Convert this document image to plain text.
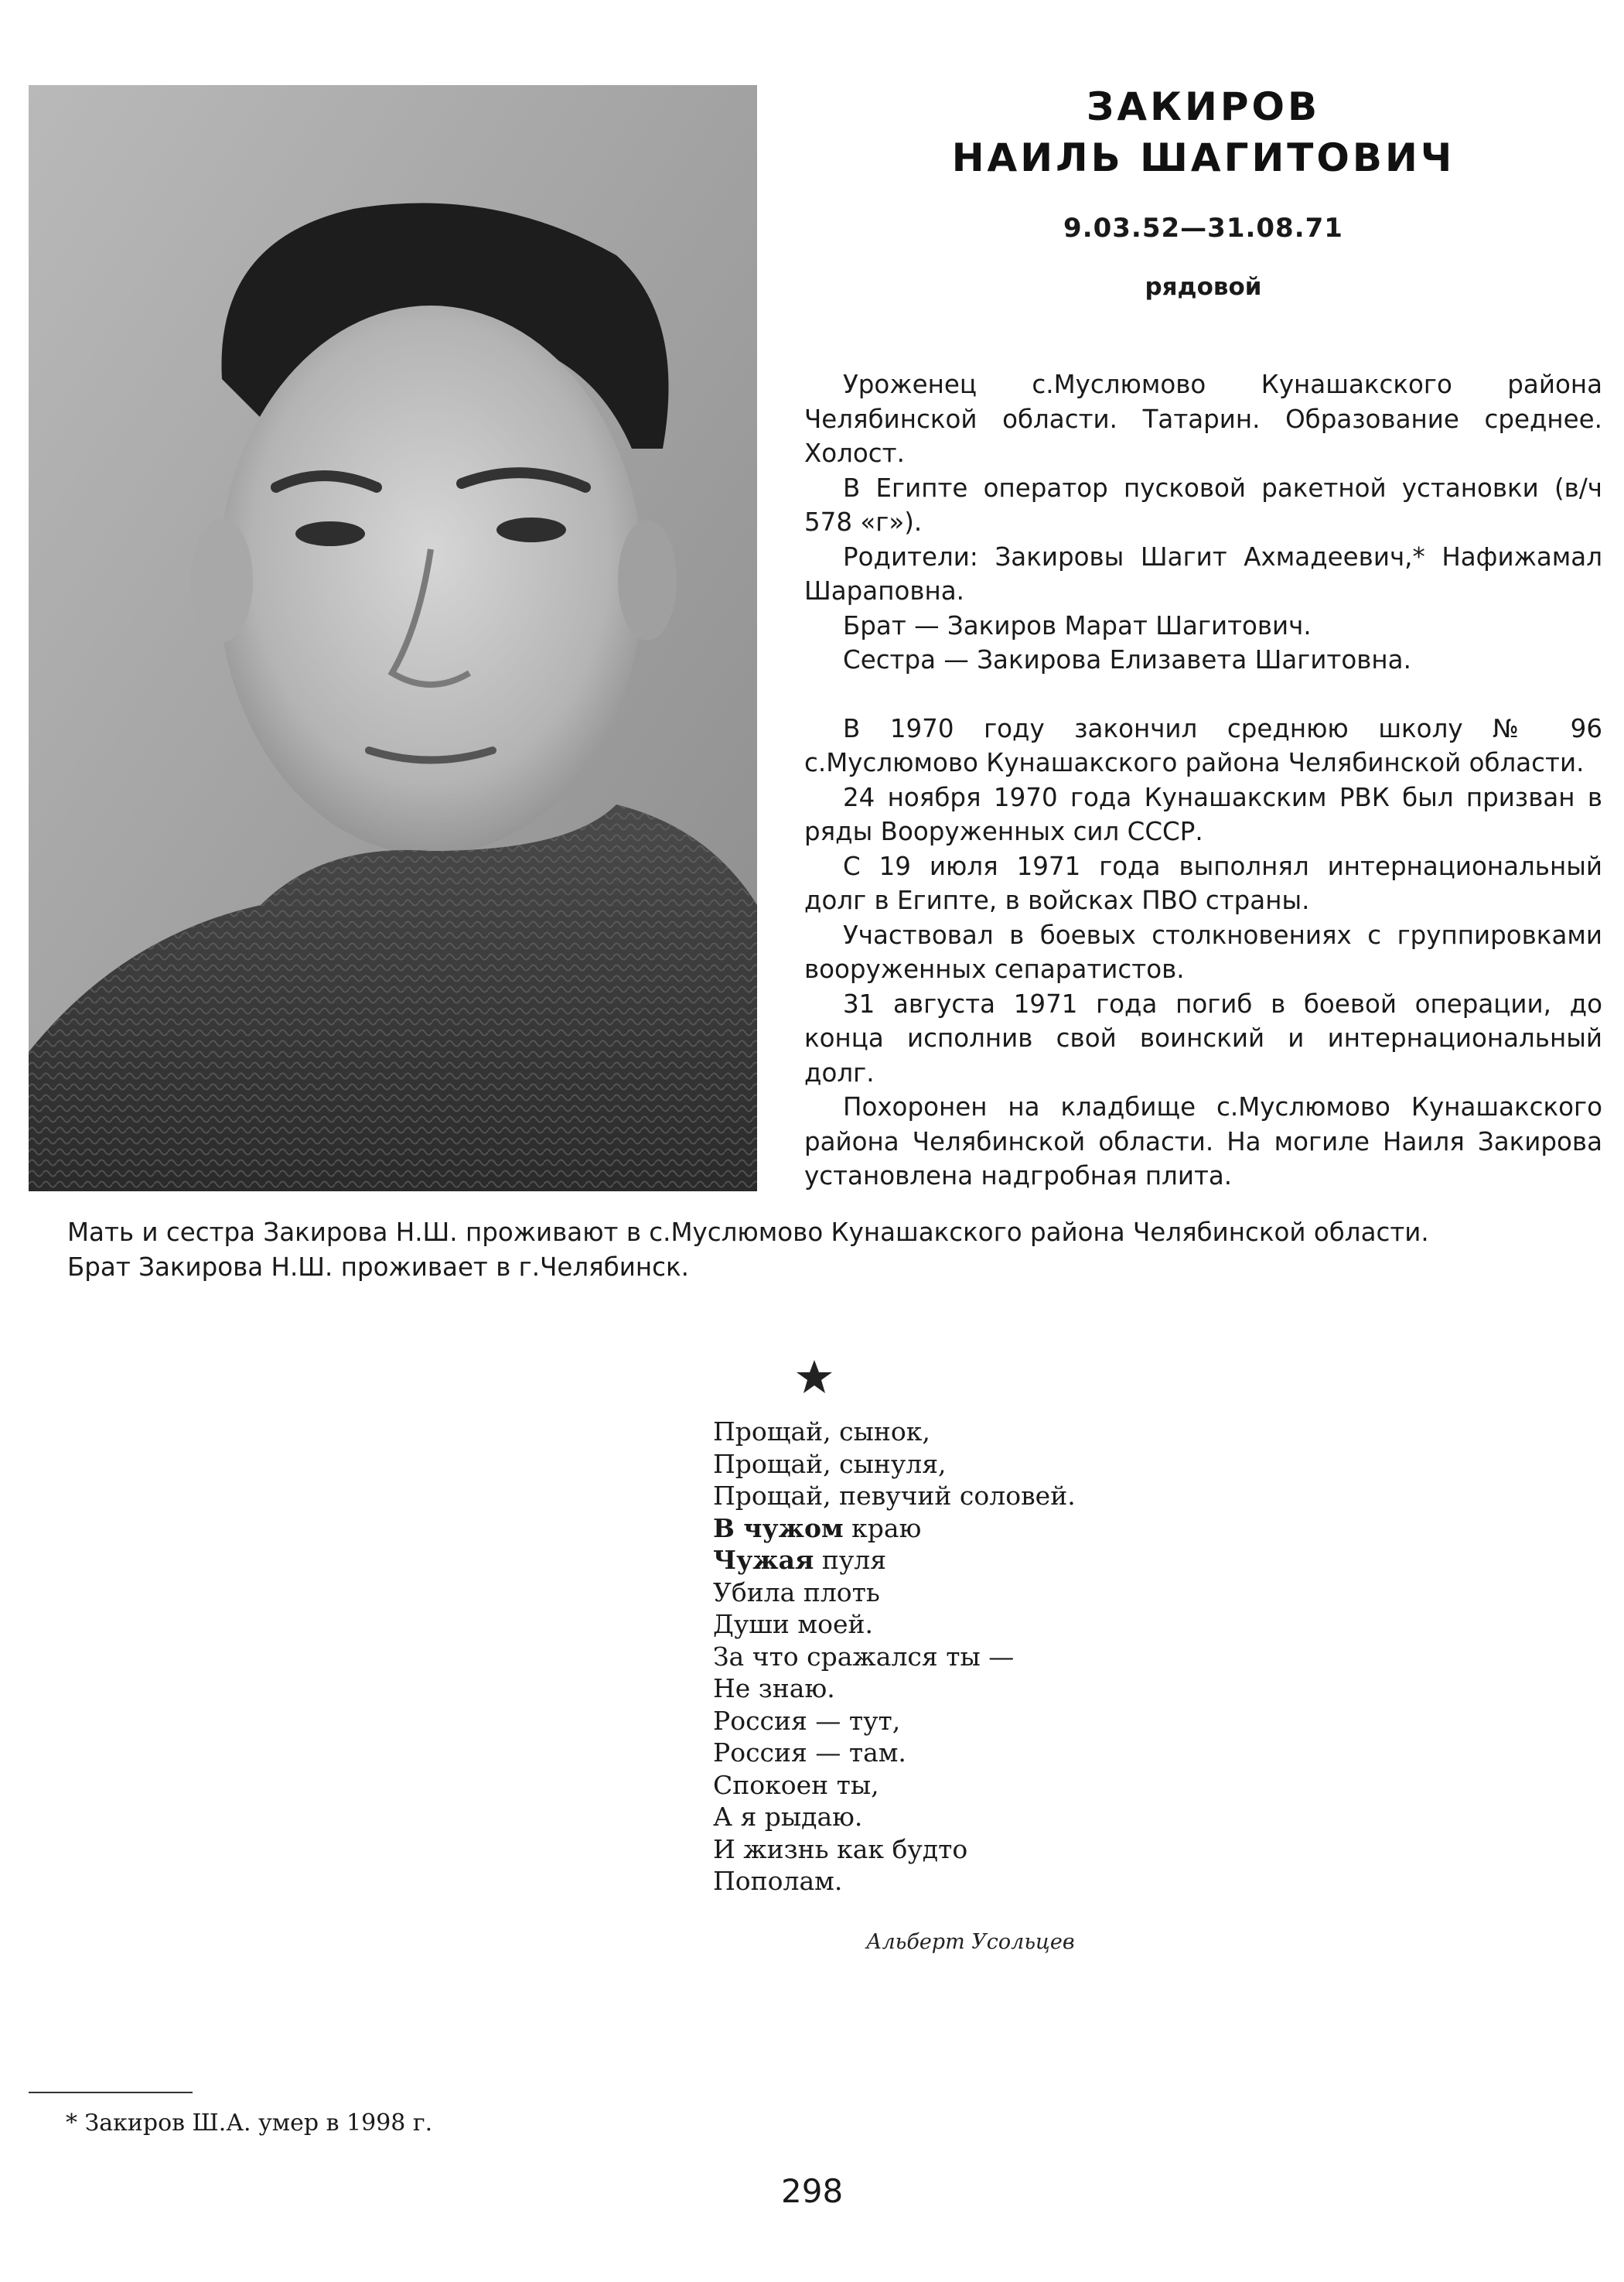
ЗАКИРОВ
НАИЛЬ ШАГИТОВИЧ
9.03.52—31.08.71
рядовой

Уроженец с.Муслюмово Кунашакского района Челябинской области. Татарин. Образование среднее. Холост.

В Египте оператор пусковой ракетной установки (в/ч 578 «г»).

Родители: Закировы Шагит Ахмадеевич,* Нафижамал Шараповна.

Брат — Закиров Марат Шагитович.

Сестра — Закирова Елизавета Шагитовна.

В 1970 году закончил среднюю школу № 96 с.Муслюмово Кунашакского района Челябинской области.

24 ноября 1970 года Кунашакским РВК был призван в ряды Вооруженных сил СССР.

С 19 июля 1971 года выполнял интернациональный долг в Египте, в войсках ПВО страны.

Участвовал в боевых столкновениях с группировками вооруженных сепаратистов.

31 августа 1971 года погиб в боевой операции, до конца исполнив свой воинский и интернациональный долг.

Похоронен на кладбище с.Муслюмово Кунашакского района Челябинской области. На могиле Наиля Закирова установлена надгробная плита.

Мать и сестра Закирова Н.Ш. проживают в с.Муслюмово Кунашакского района Челябинской области.

Брат Закирова Н.Ш. проживает в г.Челябинск.

Прощай, сынок,
Прощай, сынуля,
Прощай, певучий соловей.
В чужом краю
Чужая пуля
Убила плоть
Души моей.
За что сражался ты —
Не знаю.
Россия — тут,
Россия — там.
Спокоен ты,
А я рыдаю.
И жизнь как будто
Пополам.
Альберт Усольцев
* Закиров Ш.А. умер в 1998 г.
298
